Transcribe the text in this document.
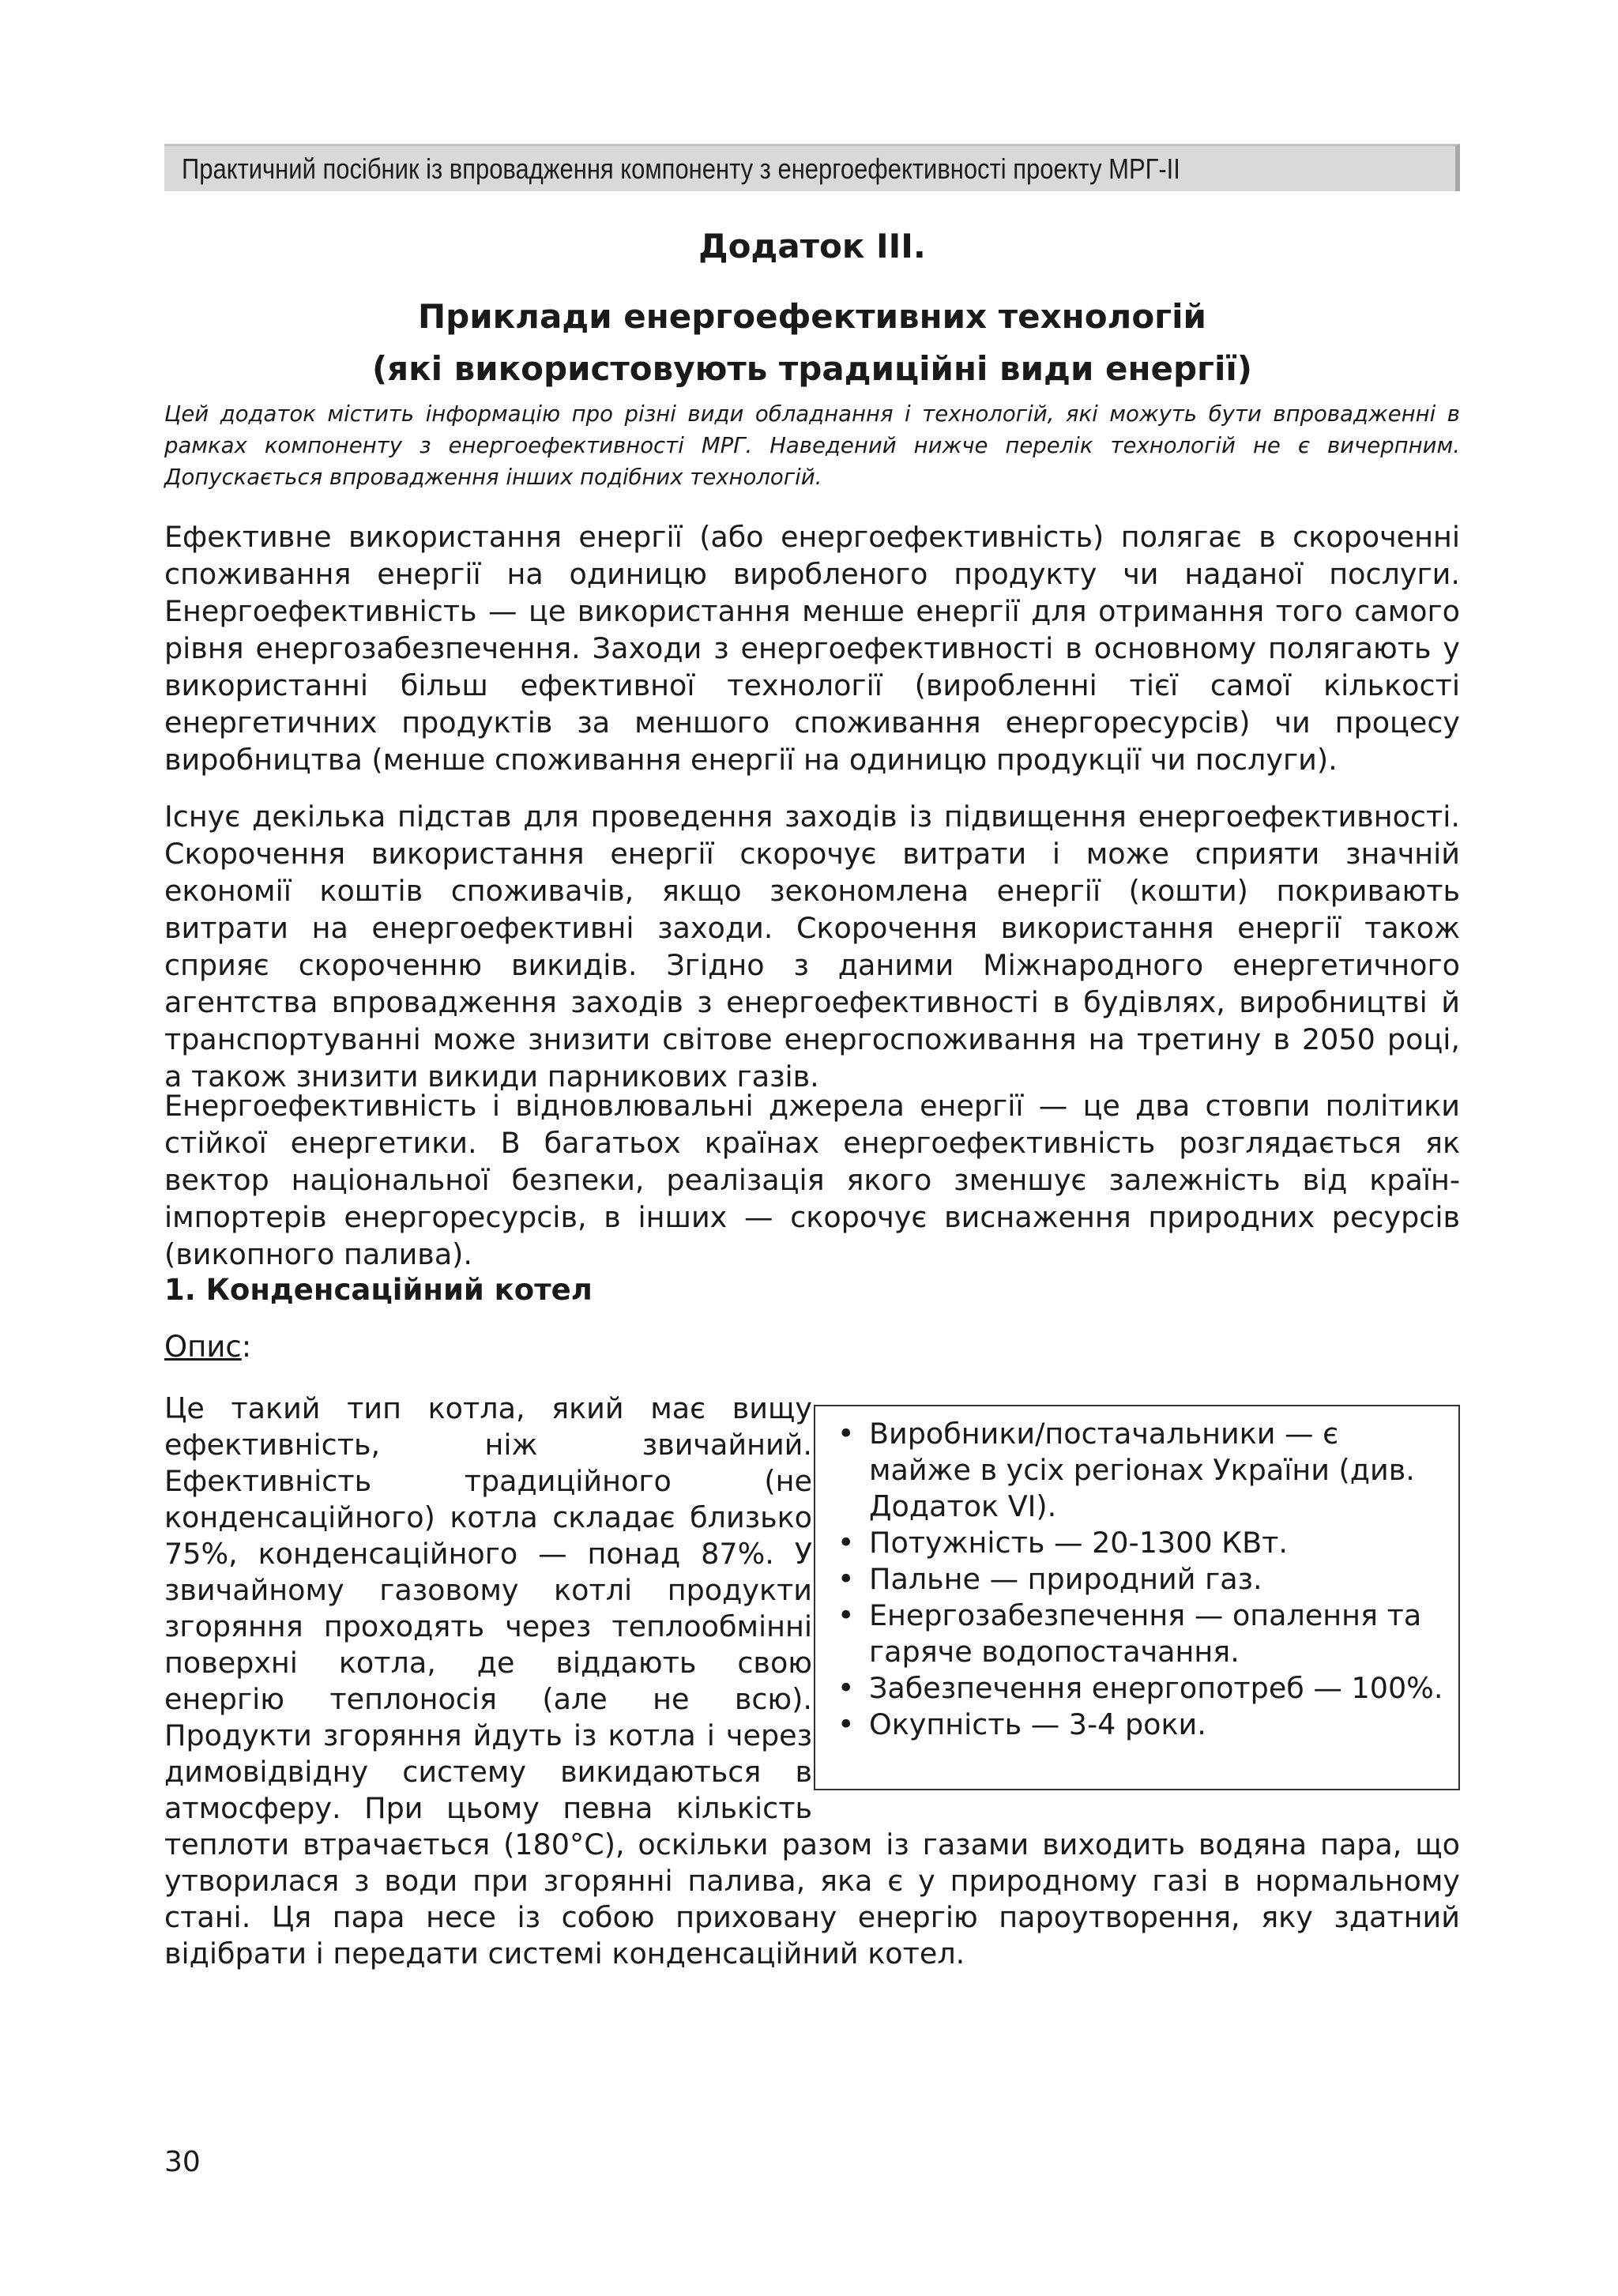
Практичний посібник із впровадження компоненту з енергоефективності проекту МРГ-ІІ
Додаток ІІІ.
Приклади енергоефективних технологій
(які використовують традиційні види енергії)

Цей додаток містить інформацію про різні види обладнання і технологій, які можуть бути впровадженні в рамках компоненту з енергоефективності МРГ. Наведений нижче перелік технологій не є вичерпним. Допускається впровадження інших подібних технологій.

Ефективне використання енергії (або енергоефективність) полягає в скороченні споживання енергії на одиницю виробленого продукту чи наданої послуги. Енергоефективність — це використання менше енергії для отримання того самого рівня енергозабезпечення. Заходи з енергоефективності в основному полягають у використанні більш ефективної технології (виробленні тієї самої кількості енергетичних продуктів за меншого споживання енергоресурсів) чи процесу виробництва (менше споживання енергії на одиницю продукції чи послуги).

Існує декілька підстав для проведення заходів із підвищення енергоефективності. Скорочення використання енергії скорочує витрати і може сприяти значній економії коштів споживачів, якщо зекономлена енергії (кошти) покривають витрати на енергоефективні заходи. Скорочення використання енергії також сприяє скороченню викидів. Згідно з даними Міжнародного енергетичного агентства впровадження заходів з енергоефективності в будівлях, виробництві й транспортуванні може знизити світове енергоспоживання на третину в 2050 році, а також знизити викиди парникових газів.

Енергоефективність і відновлювальні джерела енергії — це два стовпи політики стійкої енергетики. В багатьох країнах енергоефективність розглядається як вектор національної безпеки, реалізація якого зменшує залежність від країн-імпортерів енергоресурсів, в інших — скорочує виснаження природних ресурсів (викопного палива).

1. Конденсаційний котел
Опис:

Це такий тип котла, який має вищу ефективність, ніж звичайний. Ефективність традиційного (не конденсаційного) котла складає близько 75%, конденсаційного — понад 87%. У звичайному газовому котлі продукти згоряння проходять через теплообмінні поверхні котла, де віддають свою енергію теплоносія (але не всю). Продукти згоряння йдуть із котла і через димовідвідну систему викидаються в атмосферу. При цьому певна кількість теплоти втрачається (180°С), оскільки разом із газами виходить водяна пара, що утворилася з води при згорянні палива, яка є у природному газі в нормальному стані. Ця пара несе із собою приховану енергію пароутворення, яку здатний відібрати і передати системі конденсаційний котел.

• Виробники/постачальники — є майже в усіх регіонах України (див. Додаток VI).
• Потужність — 20-1300 КВт.
• Пальне — природний газ.
• Енергозабезпечення — опалення та гаряче водопостачання.
• Забезпечення енергопотреб — 100%.
• Окупність — 3-4 роки.
30
